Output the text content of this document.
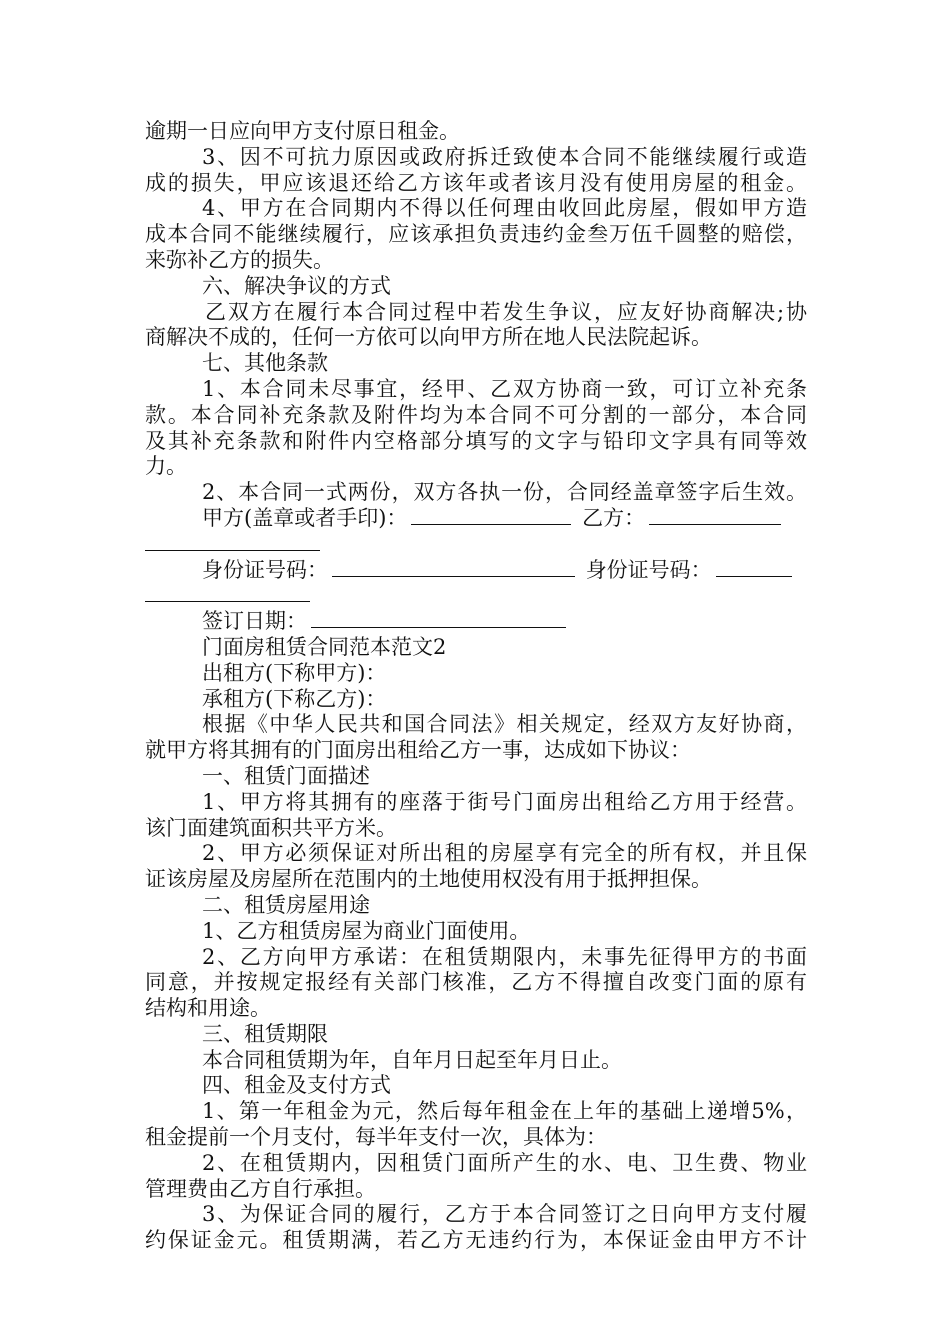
逾期一日应向甲方支付原日租金。
3、因不可抗力原因或政府拆迁致使本合同不能继续履行或造
成的损失，甲应该退还给乙方该年或者该月没有使用房屋的租金。
4、甲方在合同期内不得以任何理由收回此房屋，假如甲方造
成本合同不能继续履行，应该承担负责违约金叁万伍千圆整的赔偿，
来弥补乙方的损失。
六、解决争议的方式
乙双方在履行本合同过程中若发生争议，应友好协商解决;协
商解决不成的，任何一方依可以向甲方所在地人民法院起诉。
七、其他条款
1、本合同未尽事宜，经甲、乙双方协商一致，可订立补充条
款。本合同补充条款及附件均为本合同不可分割的一部分，本合同
及其补充条款和附件内空格部分填写的文字与铅印文字具有同等效
力。
2、本合同一式两份，双方各执一份，合同经盖章签字后生效。
甲方(盖章或者手印)：	乙方：
身份证号码：	身份证号码：
签订日期：
门面房租赁合同范本范文2
出租方(下称甲方)：
承租方(下称乙方)：
根据《中华人民共和国合同法》相关规定，经双方友好协商，
就甲方将其拥有的门面房出租给乙方一事，达成如下协议：
一、租赁门面描述
1、甲方将其拥有的座落于街号门面房出租给乙方用于经营。
该门面建筑面积共平方米。
2、甲方必须保证对所出租的房屋享有完全的所有权，并且保
证该房屋及房屋所在范围内的土地使用权没有用于抵押担保。
二、租赁房屋用途
1、乙方租赁房屋为商业门面使用。
2、乙方向甲方承诺：在租赁期限内，未事先征得甲方的书面
同意，并按规定报经有关部门核准，乙方不得擅自改变门面的原有
结构和用途。
三、租赁期限
本合同租赁期为年，自年月日起至年月日止。
四、租金及支付方式
1、第一年租金为元，然后每年租金在上年的基础上递增5%，
租金提前一个月支付，每半年支付一次，具体为：
2、在租赁期内，因租赁门面所产生的水、电、卫生费、物业
管理费由乙方自行承担。
3、为保证合同的履行，乙方于本合同签订之日向甲方支付履
约保证金元。租赁期满，若乙方无违约行为，本保证金由甲方不计
